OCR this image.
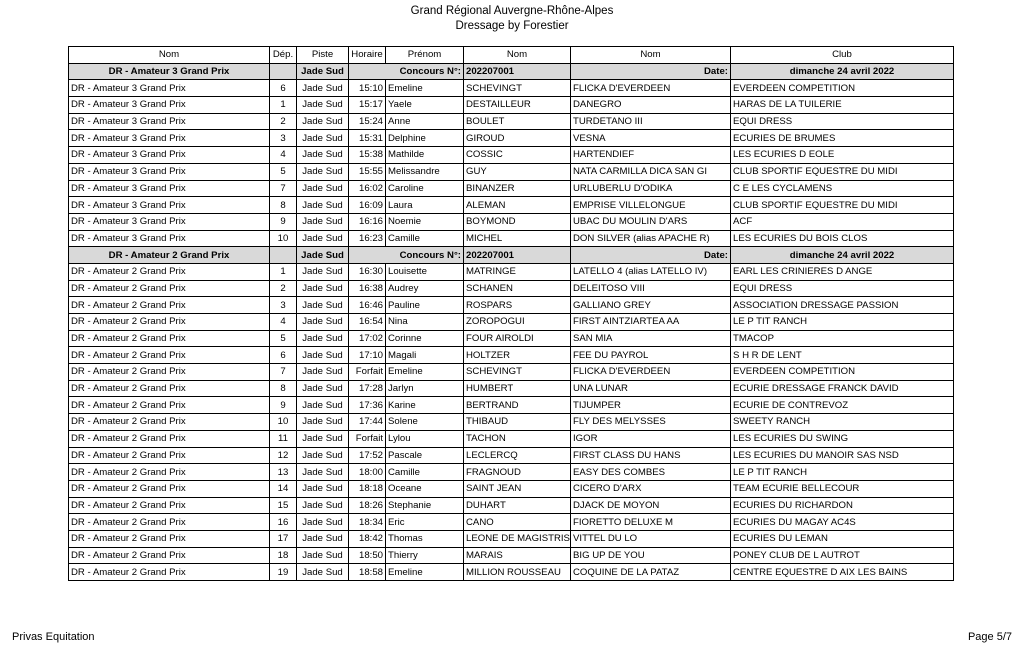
Grand Régional Auvergne-Rhône-Alpes
Dressage by Forestier
Nom	Dép.	Piste	Horaire	Prénom	Nom	Nom	Club
DR - Amateur 3 Grand Prix		Jade Sud	Concours N°:		202207001	Date:	dimanche 24 avril 2022
DR - Amateur 3 Grand Prix	6	Jade Sud	15:10	Emeline	SCHEVINGT	FLICKA D'EVERDEEN	EVERDEEN COMPETITION
DR - Amateur 3 Grand Prix	1	Jade Sud	15:17	Yaele	DESTAILLEUR	DANEGRO	HARAS DE LA TUILERIE
DR - Amateur 3 Grand Prix	2	Jade Sud	15:24	Anne	BOULET	TURDETANO III	EQUI DRESS
DR - Amateur 3 Grand Prix	3	Jade Sud	15:31	Delphine	GIROUD	VESNA	ECURIES DE BRUMES
DR - Amateur 3 Grand Prix	4	Jade Sud	15:38	Mathilde	COSSIC	HARTENDIEF	LES ECURIES D EOLE
DR - Amateur 3 Grand Prix	5	Jade Sud	15:55	Melissandre	GUY	NATA CARMILLA DICA SAN GI	CLUB SPORTIF EQUESTRE DU MIDI
DR - Amateur 3 Grand Prix	7	Jade Sud	16:02	Caroline	BINANZER	URLUBERLU D'ODIKA	C E LES CYCLAMENS
DR - Amateur 3 Grand Prix	8	Jade Sud	16:09	Laura	ALEMAN	EMPRISE VILLELONGUE	CLUB SPORTIF EQUESTRE DU MIDI
DR - Amateur 3 Grand Prix	9	Jade Sud	16:16	Noemie	BOYMOND	UBAC DU MOULIN D'ARS	ACF
DR - Amateur 3 Grand Prix	10	Jade Sud	16:23	Camille	MICHEL	DON SILVER (alias APACHE R)	LES ECURIES DU BOIS CLOS
DR - Amateur 2 Grand Prix		Jade Sud	Concours N°:		202207001	Date:	dimanche 24 avril 2022
DR - Amateur 2 Grand Prix	1	Jade Sud	16:30	Louisette	MATRINGE	LATELLO 4 (alias LATELLO IV)	EARL LES CRINIERES D ANGE
DR - Amateur 2 Grand Prix	2	Jade Sud	16:38	Audrey	SCHANEN	DELEITOSO VIII	EQUI DRESS
DR - Amateur 2 Grand Prix	3	Jade Sud	16:46	Pauline	ROSPARS	GALLIANO GREY	ASSOCIATION DRESSAGE PASSION
DR - Amateur 2 Grand Prix	4	Jade Sud	16:54	Nina	ZOROPOGUI	FIRST AINTZIARTEA AA	LE P TIT RANCH
DR - Amateur 2 Grand Prix	5	Jade Sud	17:02	Corinne	FOUR AIROLDI	SAN MIA	TMACOP
DR - Amateur 2 Grand Prix	6	Jade Sud	17:10	Magali	HOLTZER	FEE DU PAYROL	S H R DE LENT
DR - Amateur 2 Grand Prix	7	Jade Sud	Forfait	Emeline	SCHEVINGT	FLICKA D'EVERDEEN	EVERDEEN COMPETITION
DR - Amateur 2 Grand Prix	8	Jade Sud	17:28	Jarlyn	HUMBERT	UNA LUNAR	ECURIE DRESSAGE FRANCK DAVID
DR - Amateur 2 Grand Prix	9	Jade Sud	17:36	Karine	BERTRAND	TIJUMPER	ECURIE DE CONTREVOZ
DR - Amateur 2 Grand Prix	10	Jade Sud	17:44	Solene	THIBAUD	FLY DES MELYSSES	SWEETY RANCH
DR - Amateur 2 Grand Prix	11	Jade Sud	Forfait	Lylou	TACHON	IGOR	LES ECURIES DU SWING
DR - Amateur 2 Grand Prix	12	Jade Sud	17:52	Pascale	LECLERCQ	FIRST CLASS DU HANS	LES ECURIES DU MANOIR SAS NSD
DR - Amateur 2 Grand Prix	13	Jade Sud	18:00	Camille	FRAGNOUD	EASY DES COMBES	LE P TIT RANCH
DR - Amateur 2 Grand Prix	14	Jade Sud	18:18	Oceane	SAINT JEAN	CICERO D'ARX	TEAM ECURIE BELLECOUR
DR - Amateur 2 Grand Prix	15	Jade Sud	18:26	Stephanie	DUHART	DJACK DE MOYON	ECURIES DU RICHARDON
DR - Amateur 2 Grand Prix	16	Jade Sud	18:34	Eric	CANO	FIORETTO DELUXE M	ECURIES DU MAGAY AC4S
DR - Amateur 2 Grand Prix	17	Jade Sud	18:42	Thomas	LEONE DE MAGISTRIS	VITTEL DU LO	ECURIES DU LEMAN
DR - Amateur 2 Grand Prix	18	Jade Sud	18:50	Thierry	MARAIS	BIG UP DE YOU	PONEY CLUB DE L AUTROT
DR - Amateur 2 Grand Prix	19	Jade Sud	18:58	Emeline	MILLION ROUSSEAU	COQUINE DE LA PATAZ	CENTRE EQUESTRE D AIX LES BAINS
Privas Equitation	Page 5/7
